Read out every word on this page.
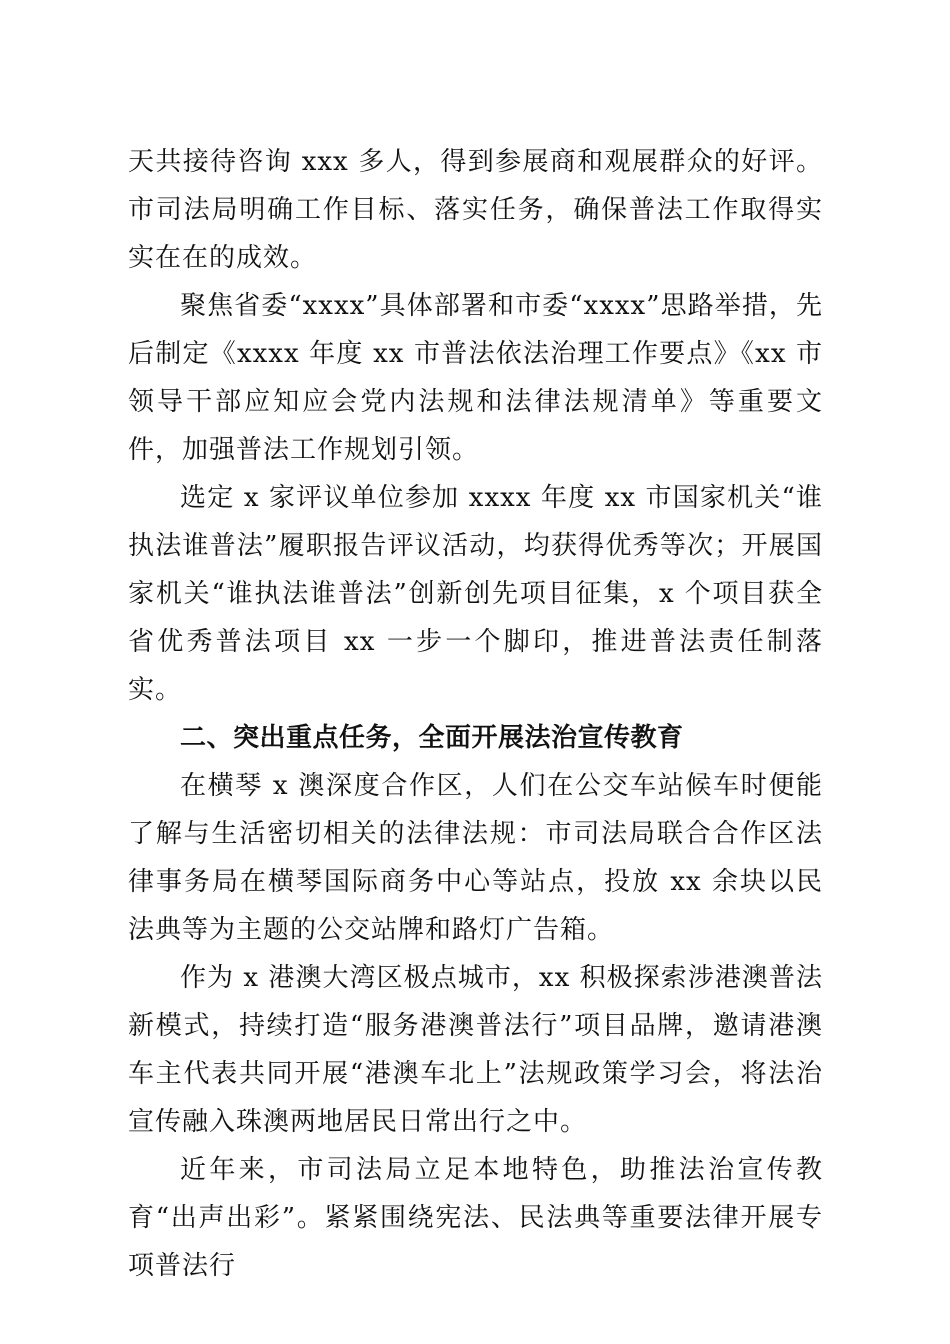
天共接待咨询 xxx 多人，得到参展商和观展群众的好评。市司法局明确工作目标、落实任务，确保普法工作取得实实在在的成效。

聚焦省委“xxxx”具体部署和市委“xxxx”思路举措，先后制定《xxxx 年度 xx 市普法依法治理工作要点》《xx 市领导干部应知应会党内法规和法律法规清单》等重要文件，加强普法工作规划引领。

选定 x 家评议单位参加 xxxx 年度 xx 市国家机关“谁执法谁普法”履职报告评议活动，均获得优秀等次；开展国家机关“谁执法谁普法”创新创先项目征集，x 个项目获全省优秀普法项目 xx 一步一个脚印，推进普法责任制落实。

二、突出重点任务，全面开展法治宣传教育

在横琴 x 澳深度合作区，人们在公交车站候车时便能了解与生活密切相关的法律法规：市司法局联合合作区法律事务局在横琴国际商务中心等站点，投放 xx 余块以民法典等为主题的公交站牌和路灯广告箱。

作为 x 港澳大湾区极点城市，xx 积极探索涉港澳普法新模式，持续打造“服务港澳普法行”项目品牌，邀请港澳车主代表共同开展“港澳车北上”法规政策学习会，将法治宣传融入珠澳两地居民日常出行之中。

近年来，市司法局立足本地特色，助推法治宣传教育“出声出彩”。紧紧围绕宪法、民法典等重要法律开展专项普法行
